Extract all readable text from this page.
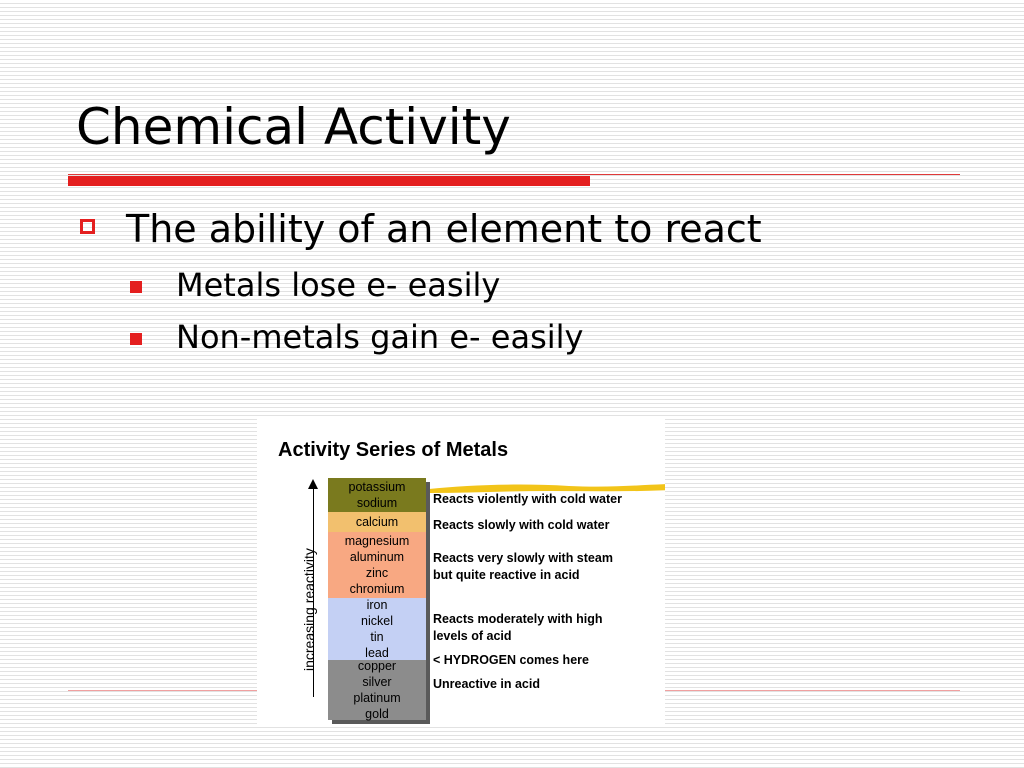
Chemical Activity
The ability of an element to react
Metals lose e- easily
Non-metals gain e- easily
Activity Series of Metals
increasing reactivity
potassium
sodium
calcium
magnesium
aluminum
zinc
chromium
iron
nickel
tin
lead
copper
silver
platinum
gold
Reacts violently with cold water
Reacts slowly with cold water
Reacts very slowly with steam
but quite reactive in acid
Reacts moderately with high
levels of acid
< HYDROGEN comes here
Unreactive in acid
